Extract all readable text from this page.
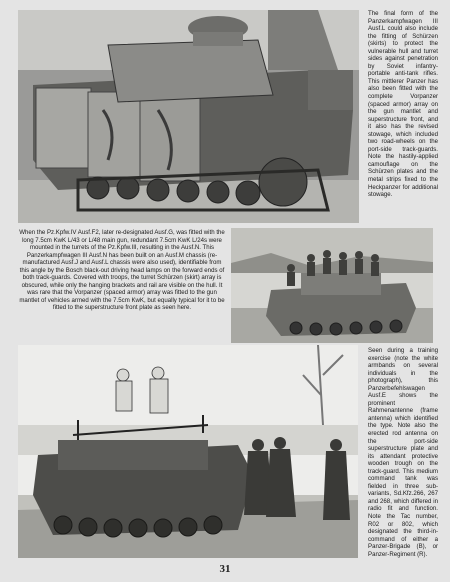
The final form of the Panzerkampfwagen III Ausf.L could also include the fitting of Schürzen (skirts) to protect the vulnerable hull and turret sides against penetration by Soviet infantry-portable anti-tank rifles. This mittlerer Panzer has also been fitted with the complete Vorpanzer (spaced armor) array on the gun mantlet and superstructure front, and it also has the revised stowage, which included two road-wheels on the port-side track-guards. Note the hastily-applied camouflage on the Schürzen plates and the metal strips fixed to the Heckpanzer for additional stowage.
When the Pz.Kpfw.IV Ausf.F2, later re-designated Ausf.G, was fitted with the long 7.5cm KwK L/43 or L/48 main gun, redundant 7.5cm KwK L/24s were mounted in the turrets of the Pz.Kpfw.III, resulting in the Ausf.N. This Panzerkampfwagen III Ausf.N has been built on an Ausf.M chassis (re-manufactured Ausf.J and Ausf.L chassis were also used), identifiable from this angle by the Bosch black-out driving head lamps on the forward ends of both track-guards. Covered with troops, the turret Schürzen (skirt) array is obscured, while only the hanging brackets and rail are visible on the hull. It was rare that the Vorpanzer (spaced armor) array was fitted to the gun mantlet of vehicles armed with the 7.5cm KwK, but equally typical for it to be fitted to the superstructure front plate as seen here.
Seen during a training exercise (note the white armbands on several individuals in the photograph), this Panzerbefehlswagen Ausf.E shows the prominent Rahmenantenne (frame antenna) which identified the type. Note also the erected rod antenna on the port-side superstructure plate and its attendant protective wooden trough on the track-guard. This medium command tank was fielded in three sub-variants, Sd.Kfz.266, 267 and 268, which differed in radio fit and function. Note the Tac number, R02 or 802, which designated the third-in-command of either a Panzer-Brigade (B), or Panzer-Regiment (R).
31
